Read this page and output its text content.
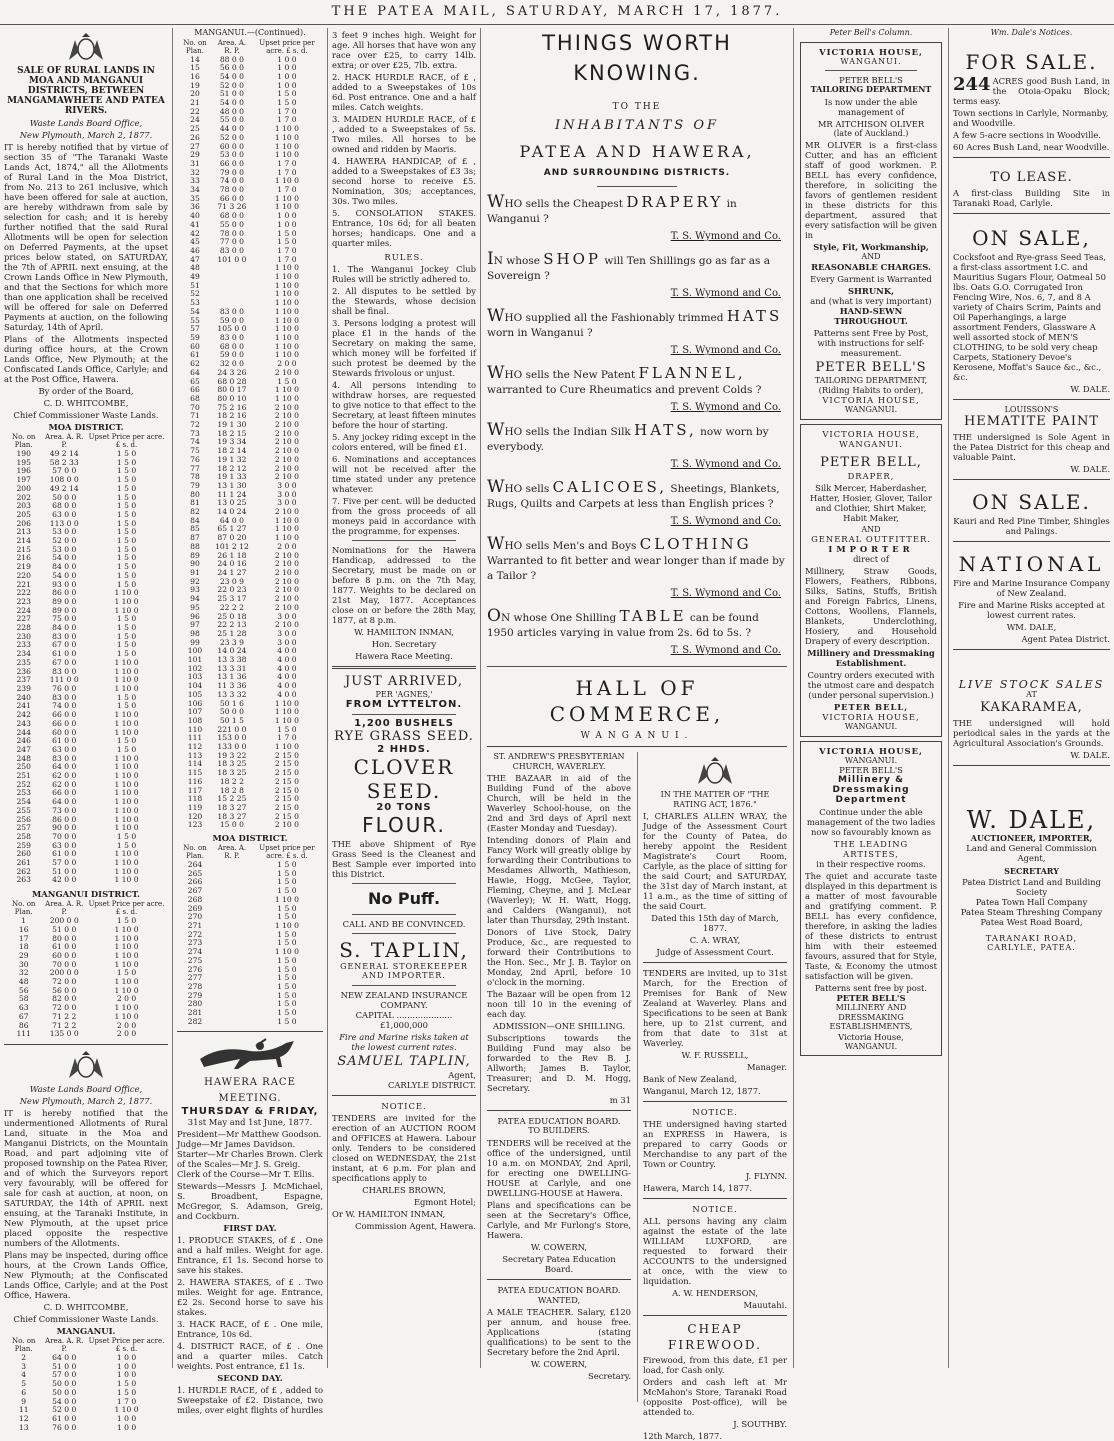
THE PATEA MAIL, SATURDAY, MARCH 17, 1877.
SALE OF RURAL LANDS IN MOA AND MANGANUI DISTRICTS, BETWEEN MANGAMAWHETE AND PATEA RIVERS.

Waste Lands Board Office,

New Plymouth, March 2, 1877.

IT is hereby notified that by virtue of section 35 of "The Taranaki Waste Lands Act, 1874," all the Allotments of Rural Land in the Moa District, from No. 213 to 261 inclusive, which have been offered for sale at auction, are hereby withdrawn from sale by selection for cash; and it is hereby further notified that the said Rural Allotments will be open for selection on Deferred Payments, at the upset prices below stated, on SATURDAY, the 7th of APRIL next ensuing, at the Crown Lands Office in New Plymouth, and that the Sections for which more than one application shall be received will be offered for sale on Deferred Payments at auction, on the following Saturday, 14th of April.

Plans of the Allotments inspected during office hours, at the Crown Lands Office, New Plymouth; at the Confiscated Lands Office, Carlyle; and at the Post Office, Hawera.

By order of the Board,

C. D. WHITCOMBE,

Chief Commissioner Waste Lands.

MOA DISTRICT.
No. on Plan.	Area. A. R. P.	Upset Price per acre. £ s. d.
190	49 2 14	1 5 0
195	58 2 33	1 5 0
196	57 0 0	1 5 0
197	108 0 0	1 5 0
200	49 2 14	1 5 0
202	50 0 0	1 5 0
203	68 0 0	1 5 0
205	63 0 0	1 5 0
206	113 0 0	1 5 0
213	53 0 0	1 5 0
214	52 0 0	1 5 0
215	53 0 0	1 5 0
216	54 0 0	1 5 0
219	84 0 0	1 5 0
220	54 0 0	1 5 0
221	93 0 0	1 5 0
222	86 0 0	1 10 0
223	89 0 0	1 10 0
224	89 0 0	1 10 0
227	75 0 0	1 5 0
228	84 0 0	1 5 0
230	83 0 0	1 5 0
233	67 0 0	1 5 0
234	61 0 0	1 5 0
235	67 0 0	1 10 0
236	83 0 0	1 10 0
237	111 0 0	1 10 0
239	76 0 0	1 10 0
240	83 0 0	1 5 0
241	74 0 0	1 5 0
242	66 0 0	1 10 0
243	66 0 0	1 10 0
244	60 0 0	1 10 0
246	61 0 0	1 5 0
247	63 0 0	1 5 0
248	83 0 0	1 10 0
250	64 0 0	1 10 0
251	62 0 0	1 10 0
252	62 0 0	1 10 0
253	66 0 0	1 10 0
254	64 0 0	1 10 0
255	73 0 0	1 10 0
256	86 0 0	1 10 0
257	90 0 0	1 10 0
258	70 0 0	1 5 0
259	63 0 0	1 5 0
260	61 0 0	1 10 0
261	57 0 0	1 10 0
262	51 0 0	1 10 0
263	42 0 0	1 10 0
MANGANUI DISTRICT.
No. on Plan.	Area. A. R. P.	Upset Price per acre. £ s. d.
1	200 0 0	1 5 0
16	51 0 0	1 10 0
17	80 0 0	1 10 0
18	61 0 0	1 10 0
29	60 0 0	1 10 0
30	70 0 0	1 10 0
32	200 0 0	1 5 0
48	72 0 0	1 10 0
56	56 0 0	1 10 0
58	82 0 0	2 0 0
63	72 0 0	1 10 0
67	71 2 2	1 10 0
86	71 2 2	2 0 0
111	135 0 0	2 0 0

Waste Lands Board Office,

New Plymouth, March 2, 1877.

IT is hereby notified that the undermentioned Allotments of Rural Land, situate in the Moa and Manganui Districts, on the Mountain Road, and part adjoining vite of proposed township on the Patea River, and of which the Surveyors report very favourably, will be offered for sale for cash at auction, at noon, on SATURDAY, the 14th of APRIL next ensuing, at the Taranaki Institute, in New Plymouth, at the upset price placed opposite the respective numbers of the Allotments.

Plans may be inspected, during office hours, at the Crown Lands Office, New Plymouth; at the Confiscated Lands Office, Carlyle; and at the Post Office, Hawera.

C. D. WHITCOMBE,

Chief Commissioner Waste Lands.

MANGANUI.
No. on Plan.	Area. A. R. P.	Upset Price per acre. £ s. d.
2	64 0 0	1 0 0
3	51 0 0	1 0 0
4	57 0 0	1 0 0
5	50 0 0	1 5 0
6	50 0 0	1 5 0
9	54 0 0	1 7 0
11	52 0 0	1 10 0
12	61 0 0	1 0 0
13	76 0 0	1 0 0
MANGANUI.—(Continued).
No. on Plan.	Area. A. R. P.	Upset price per acre. £ s. d.
14	88 0 0	1 0 0
15	56 0 0	1 0 0
16	54 0 0	1 0 0
19	52 0 0	1 0 0
20	51 0 0	1 5 0
21	54 0 0	1 5 0
22	48 0 0	1 7 0
24	55 0 0	1 7 0
25	44 0 0	1 10 0
26	52 0 0	1 10 0
27	60 0 0	1 10 0
29	53 0 0	1 10 0
31	66 0 0	1 7 0
32	79 0 0	1 7 0
33	74 0 0	1 10 0
34	78 0 0	1 7 0
35	66 0 0	1 10 0
36	71 3 26	1 10 0
40	68 0 0	1 0 0
41	55 0 0	1 0 0
42	78 0 0	1 5 0
45	77 0 0	1 5 0
46	83 0 0	1 7 0
47	101 0 0	1 7 0
48		1 10 0
49		1 10 0
51		1 10 0
52		1 10 0
53		1 10 0
54	83 0 0	1 10 0
55	59 0 0	1 10 0
57	105 0 0	1 10 0
59	83 0 0	1 10 0
60	68 0 0	1 10 0
61	59 0 0	1 10 0
62	32 0 0	2 0 0
64	24 3 26	2 10 0
65	68 0 28	1 5 0
66	80 0 17	1 10 0
68	80 0 10	1 10 0
70	75 2 16	2 10 0
71	18 2 16	2 10 0
72	19 1 30	2 10 0
73	18 2 15	2 10 0
74	19 3 34	2 10 0
75	18 2 14	2 10 0
76	19 1 32	2 10 0
77	18 2 12	2 10 0
78	19 1 33	2 10 0
79	13 1 30	3 0 0
80	11 1 24	3 0 0
81	13 0 25	3 0 0
82	14 0 24	2 10 0
84	64 0 0	1 10 0
85	65 1 27	1 10 0
87	87 0 20	1 10 0
88	101 2 12	2 0 0
89	26 1 18	2 10 0
90	24 0 16	2 10 0
91	24 1 27	2 10 0
92	23 0 9	2 10 0
93	22 0 23	2 10 0
94	25 3 17	2 10 0
95	22 2 2	2 10 0
96	25 0 18	3 0 0
97	22 2 13	2 10 0
98	25 1 28	3 0 0
99	23 3 9	3 0 0
100	14 0 24	4 0 0
101	13 3 38	4 0 0
102	13 3 31	4 0 0
103	13 1 36	4 0 0
104	11 3 36	4 0 0
105	13 3 32	4 0 0
106	50 1 6	1 10 0
107	50 0 0	1 10 0
108	50 1 5	1 10 0
110	221 0 0	1 5 0
111	153 0 0	1 7 0
112	133 0 0	1 10 0
113	19 3 22	2 15 0
114	18 3 25	2 15 0
115	18 3 25	2 15 0
116	18 2 2	2 15 0
117	18 2 8	2 15 0
118	15 2 25	2 15 0
119	18 3 27	2 15 0
120	18 3 27	2 15 0
123	15 0 0	2 10 0
MOA DISTRICT.
No. on Plan.	Area. A. R. P.	Upset price per acre. £ s. d.
264		1 5 0
265		1 5 0
266		1 5 0
267		1 5 0
268		1 10 0
269		1 5 0
270		1 5 0
271		1 10 0
272		1 5 0
273		1 5 0
274		1 10 0
275		1 5 0
276		1 5 0
277		1 5 0
278		1 5 0
279		1 5 0
280		1 5 0
281		1 5 0
282		1 5 0
HAWERA RACE MEETING.
THURSDAY & FRIDAY,
31st May and 1st June, 1877.

President—Mr Matthew Goodson. Judge—Mr James Davidson. Starter—Mr Charles Brown. Clerk of the Scales—Mr J. S. Greig. Clerk of the Course—Mr T. Ellis.

Stewards—Messrs J. McMichael, S. Broadbent, Espagne, McGregor, S. Adamson, Greig, and Cockburn.

FIRST DAY.

1. PRODUCE STAKES, of £ . One and a half miles. Weight for age. Entrance, £1 1s. Second horse to save his stakes.

2. HAWERA STAKES, of £ . Two miles. Weight for age. Entrance, £2 2s. Second horse to save his stakes.

3. HACK RACE, of £ . One mile, Entrance, 10s 6d.

4. DISTRICT RACE, of £ . One and a quarter miles. Catch weights. Post entrance, £1 1s.

SECOND DAY.

1. HURDLE RACE, of £ , added to Sweepstake of £2. Distance, two miles, over eight flights of hurdles

3 feet 9 inches high. Weight for age. All horses that have won any race over £25, to carry 14lb. extra; or over £25, 7lb. extra.

2. HACK HURDLE RACE, of £ , added to a Sweepstakes of 10s 6d. Post entrance. One and a half miles. Catch weights.

3. MAIDEN HURDLE RACE, of £ , added to a Sweepstakes of 5s. Two miles. All horses to be owned and ridden by Maoris.

4. HAWERA HANDICAP, of £ , added to a Sweepstakes of £3 3s; second horse to receive £5. Nomination, 30s; acceptances, 30s. Two miles.

5. CONSOLATION STAKES. Entrance, 10s 6d; for all beaten horses; handicaps. One and a quarter miles.

RULES.

1. The Wanganui Jockey Club Rules will be strictly adhered to.

2. All disputes to be settled by the Stewards, whose decision shall be final.

3. Persons lodging a protest will place £1 in the hands of the Secretary on making the same, which money will be forfeited if such protest be deemed by the Stewards frivolous or unjust.

4. All persons intending to withdraw horses, are requested to give notice to that effect to the Secretary, at least fifteen minutes before the hour of starting.

5. Any jockey riding except in the colors entered, will be fined £1.

6. Nominations and acceptances will not be received after the time stated under any pretence whatever.

7. Five per cent. will be deducted from the gross proceeds of all moneys paid in accordance with the programme, for expenses.

Nominations for the Hawera Handicap, addressed to the Secretary, must be made on or before 8 p.m. on the 7th May, 1877. Weights to be declared on 21st May, 1877. Acceptances close on or before the 28th May, 1877, at 8 p.m.

W. HAMILTON INMAN,

Hon. Secretary

Hawera Race Meeting.

JUST ARRIVED,
PER 'AGNES,'
FROM LYTTELTON.
1,200 BUSHELS
RYE GRASS SEED.
2 HHDS.
CLOVER SEED.
20 TONS
FLOUR.

THE above Shipment of Rye Grass Seed is the Cleanest and Best Sample ever imported into this District.

No Puff.
CALL AND BE CONVINCED.
S. TAPLIN,
GENERAL STOREKEEPER AND IMPORTER.
NEW ZEALAND INSURANCE COMPANY.
CAPITAL ..................... £1,000,000

Fire and Marine risks taken at the lowest current rates.

SAMUEL TAPLIN,
Agent,
CARLYLE DISTRICT.
NOTICE.

TENDERS are invited for the erection of an AUCTION ROOM and OFFICES at Hawera. Labour only. Tenders to be considered closed on WEDNESDAY, the 21st instant, at 6 p.m. For plan and specifications apply to

CHARLES BROWN,

Egmont Hotel;

Or W. HAMILTON INMAN,

Commission Agent, Hawera.

THINGS WORTH KNOWING.
TO THE
INHABITANTS OF
PATEA AND HAWERA,
AND SURROUNDING DISTRICTS.
WHO sells the Cheapest DRAPERY in Wanganui ?
T. S. Wymond and Co.
IN whose SHOP will Ten Shillings go as far as a Sovereign ?
T. S. Wymond and Co.
WHO supplied all the Fashionably trimmed HATS worn in Wanganui ?
T. S. Wymond and Co.
WHO sells the New Patent FLANNEL, warranted to Cure Rheumatics and prevent Colds ?
T. S. Wymond and Co.
WHO sells the Indian Silk HATS, now worn by everybody.
T. S. Wymond and Co.
WHO sells CALICOES, Sheetings, Blankets, Rugs, Quilts and Carpets at less than English prices ?
T. S. Wymond and Co.
WHO sells Men's and Boys CLOTHING Warranted to fit better and wear longer than if made by a Tailor ?
T. S. Wymond and Co.
ON whose One Shilling TABLE can be found 1950 articles varying in value from 2s. 6d to 5s. ?
T. S. Wymond and Co.
HALL OF COMMERCE,
WANGANUI.
ST. ANDREW'S PRESBYTERIAN CHURCH, WAVERLEY.

THE BAZAAR in aid of the Building Fund of the above Church, will be held in the Waverley School-house, on the 2nd and 3rd days of April next (Easter Monday and Tuesday).

Intending donors of Plain and Fancy Work will greatly oblige by forwarding their Contributions to Mesdames Allworth, Mathieson, Hawie, Hogg, McGee, Taylor, Fleming, Cheyne, and J. McLear (Waverley); W. H. Watt, Hogg, and Calders (Wanganui), not later than Thursday, 29th instant.

Donors of Live Stock, Dairy Produce, &c., are requested to forward their Contributions to the Hon. Sec., Mr J. B. Taylor on Monday, 2nd April, before 10 o'clock in the morning.

The Bazaar will be open from 12 noon till 10 in the evening of each day.

ADMISSION—ONE SHILLING.

Subscriptions towards the Building Fund may also be forwarded to the Rev B. J. Allworth; James B. Taylor, Treasurer; and D. M. Hogg, Secretary.

m 31
PATEA EDUCATION BOARD.
TO BUILDERS.

TENDERS will be received at the office of the undersigned, until 10 a.m. on MONDAY, 2nd April, for erecting one DWELLING-HOUSE at Carlyle, and one DWELLING-HOUSE at Hawera.

Plans and specifications can be seen at the Secretary's Office, Carlyle, and Mr Furlong's Store, Hawera.

W. COWERN,

Secretary Patea Education Board.

PATEA EDUCATION BOARD.
WANTED,

A MALE TEACHER. Salary, £120 per annum, and house free. Applications (stating qualifications) to be sent to the Secretary before the 2nd April.

W. COWERN,

Secretary.

IN THE MATTER OF "THE RATING ACT, 1876."

I, CHARLES ALLEN WRAY, the Judge of the Assessment Court for the County of Patea, do hereby appoint the Resident Magistrate's Court Room, Carlyle, as the place of sitting for the said Court; and SATURDAY, the 31st day of March instant, at 11 a.m., as the time of sitting of the said Court.

Dated this 15th day of March, 1877.

C. A. WRAY,

Judge of Assessment Court.

TENDERS are invited, up to 31st March, for the Erection of Premises for Bank of New Zealand at Waverley. Plans and Specifications to be seen at Bank here, up to 21st current, and from that date to 31st at Waverley.

W. F. RUSSELL,

Manager.

Bank of New Zealand,

Wanganui, March 12, 1877.

NOTICE.

THE undersigned having started an EXPRESS in Hawera, is prepared to carry Goods or Merchandise to any part of the Town or Country.

J. FLYNN.

Hawera, March 14, 1877.

NOTICE.

ALL persons having any claim against the estate of the late WILLIAM LUXFORD, are requested to forward their ACCOUNTS to the undersigned at once, with the view to liquidation.

A. W. HENDERSON,

Mauutahi.

CHEAP FIREWOOD.

Firewood, from this date, £1 per load, for Cash only.

Orders and cash left at Mr McMahon's Store, Taranaki Road (opposite Post-office), will be attended to.

J. SOUTHBY.

12th March, 1877.

Peter Bell's Column.
VICTORIA HOUSE,
WANGANUI.
PETER BELL'S
TAILORING DEPARTMENT

Is now under the able management of

MR AITCHISON OLIVER
(late of Auckland.)

MR OLIVER is a first-class Cutter, and has an efficient staff of good workmen. P. BELL has every confidence, therefore, in soliciting the favors of gentlemen resident in these districts for this department, assured that every satisfaction will be given in

Style, Fit, Workmanship,
AND
REASONABLE CHARGES.

Every Garment is Warranted

SHRUNK,
and (what is very important)
HAND-SEWN THROUGHOUT.

Patterns sent Free by Post, with instructions for self-measurement.

PETER BELL'S
TAILORING DEPARTMENT,
(Riding Habits to order),
VICTORIA HOUSE,
WANGANUI.
VICTORIA HOUSE,
WANGANUI.
PETER BELL,
DRAPER,

Silk Mercer, Haberdasher, Hatter, Hosier, Glover, Tailor and Clothier, Shirt Maker, Habit Maker,

AND
GENERAL OUTFITTER.
IMPORTER
direct of

Millinery, Straw Goods, Flowers, Feathers, Ribbons, Silks, Satins, Stuffs, British and Foreign Fabrics, Linens, Cottons, Woollens, Flannels, Blankets, Underclothing, Hosiery, and Household Drapery of every description.

Millinery and Dressmaking Establishment.

Country orders executed with the utmost care and despatch (under personal supervision.)

PETER BELL,
VICTORIA HOUSE,
WANGANUI.
VICTORIA HOUSE,
WANGANUI.
PETER BELL'S
Millinery & Dressmaking Department

Continue under the able management of the two ladies now so favourably known as

THE LEADING ARTISTES,
in their respective rooms.

The quiet and accurate taste displayed in this department is a matter of most favourable and gratifying comment. P. BELL has every confidence, therefore, in asking the ladies of these districts to entrust him with their esteemed favours, assured that for Style, Taste, & Economy the utmost satisfaction will be given.

Patterns sent free by post.
PETER BELL'S
MILLINERY AND DRESSMAKING ESTABLISHMENTS,
Victoria House,
WANGANUI.
Wm. Dale's Notices.
FOR SALE.

244 ACRES good Bush Land, in the Otoia-Opaku Block; terms easy.

Town sections in Carlyle, Normanby, and Woodville.

A few 5-acre sections in Woodville.

60 Acres Bush Land, near Woodville.

TO LEASE.

A first-class Building Site in Taranaki Road, Carlyle.

ON SALE,

Cocksfoot and Rye-grass Seed Teas, a first-class assortment I.C. and Mauritius Sugars Flour, Oatmeal 50 lbs. Oats G.O. Corrugated Iron Fencing Wire, Nos. 6, 7, and 8 A variety of Chairs Scrim, Paints and Oil Paperhangings, a large assortment Fenders, Glassware A well assorted stock of MEN'S CLOTHING, to be sold very cheap Carpets, Stationery Devoe's Kerosene, Moffat's Sauce &c., &c., &c.

W. DALE.

LOUISSON'S
HEMATITE PAINT

THE undersigned is Sole Agent in the Patea District for this cheap and valuable Paint.

W. DALE.

ON SALE.

Kauri and Red Pine Timber, Shingles and Palings.

NATIONAL

Fire and Marine Insurance Company of New Zealand.

Fire and Marine Risks accepted at lowest current rates.

WM. DALE,

Agent Patea District.

LIVE STOCK SALES
AT
KAKARAMEA,

THE undersigned will hold periodical sales in the yards at the Agricultural Association's Grounds.

W. DALE.

W. DALE,
AUCTIONEER, IMPORTER,
Land and General Commission Agent,
SECRETARY
Patea District Land and Building Society
Patea Town Hall Company
Patea Steam Threshing Company
Patea West Road Board,
TARANAKI ROAD,
CARLYLE, PATEA.
